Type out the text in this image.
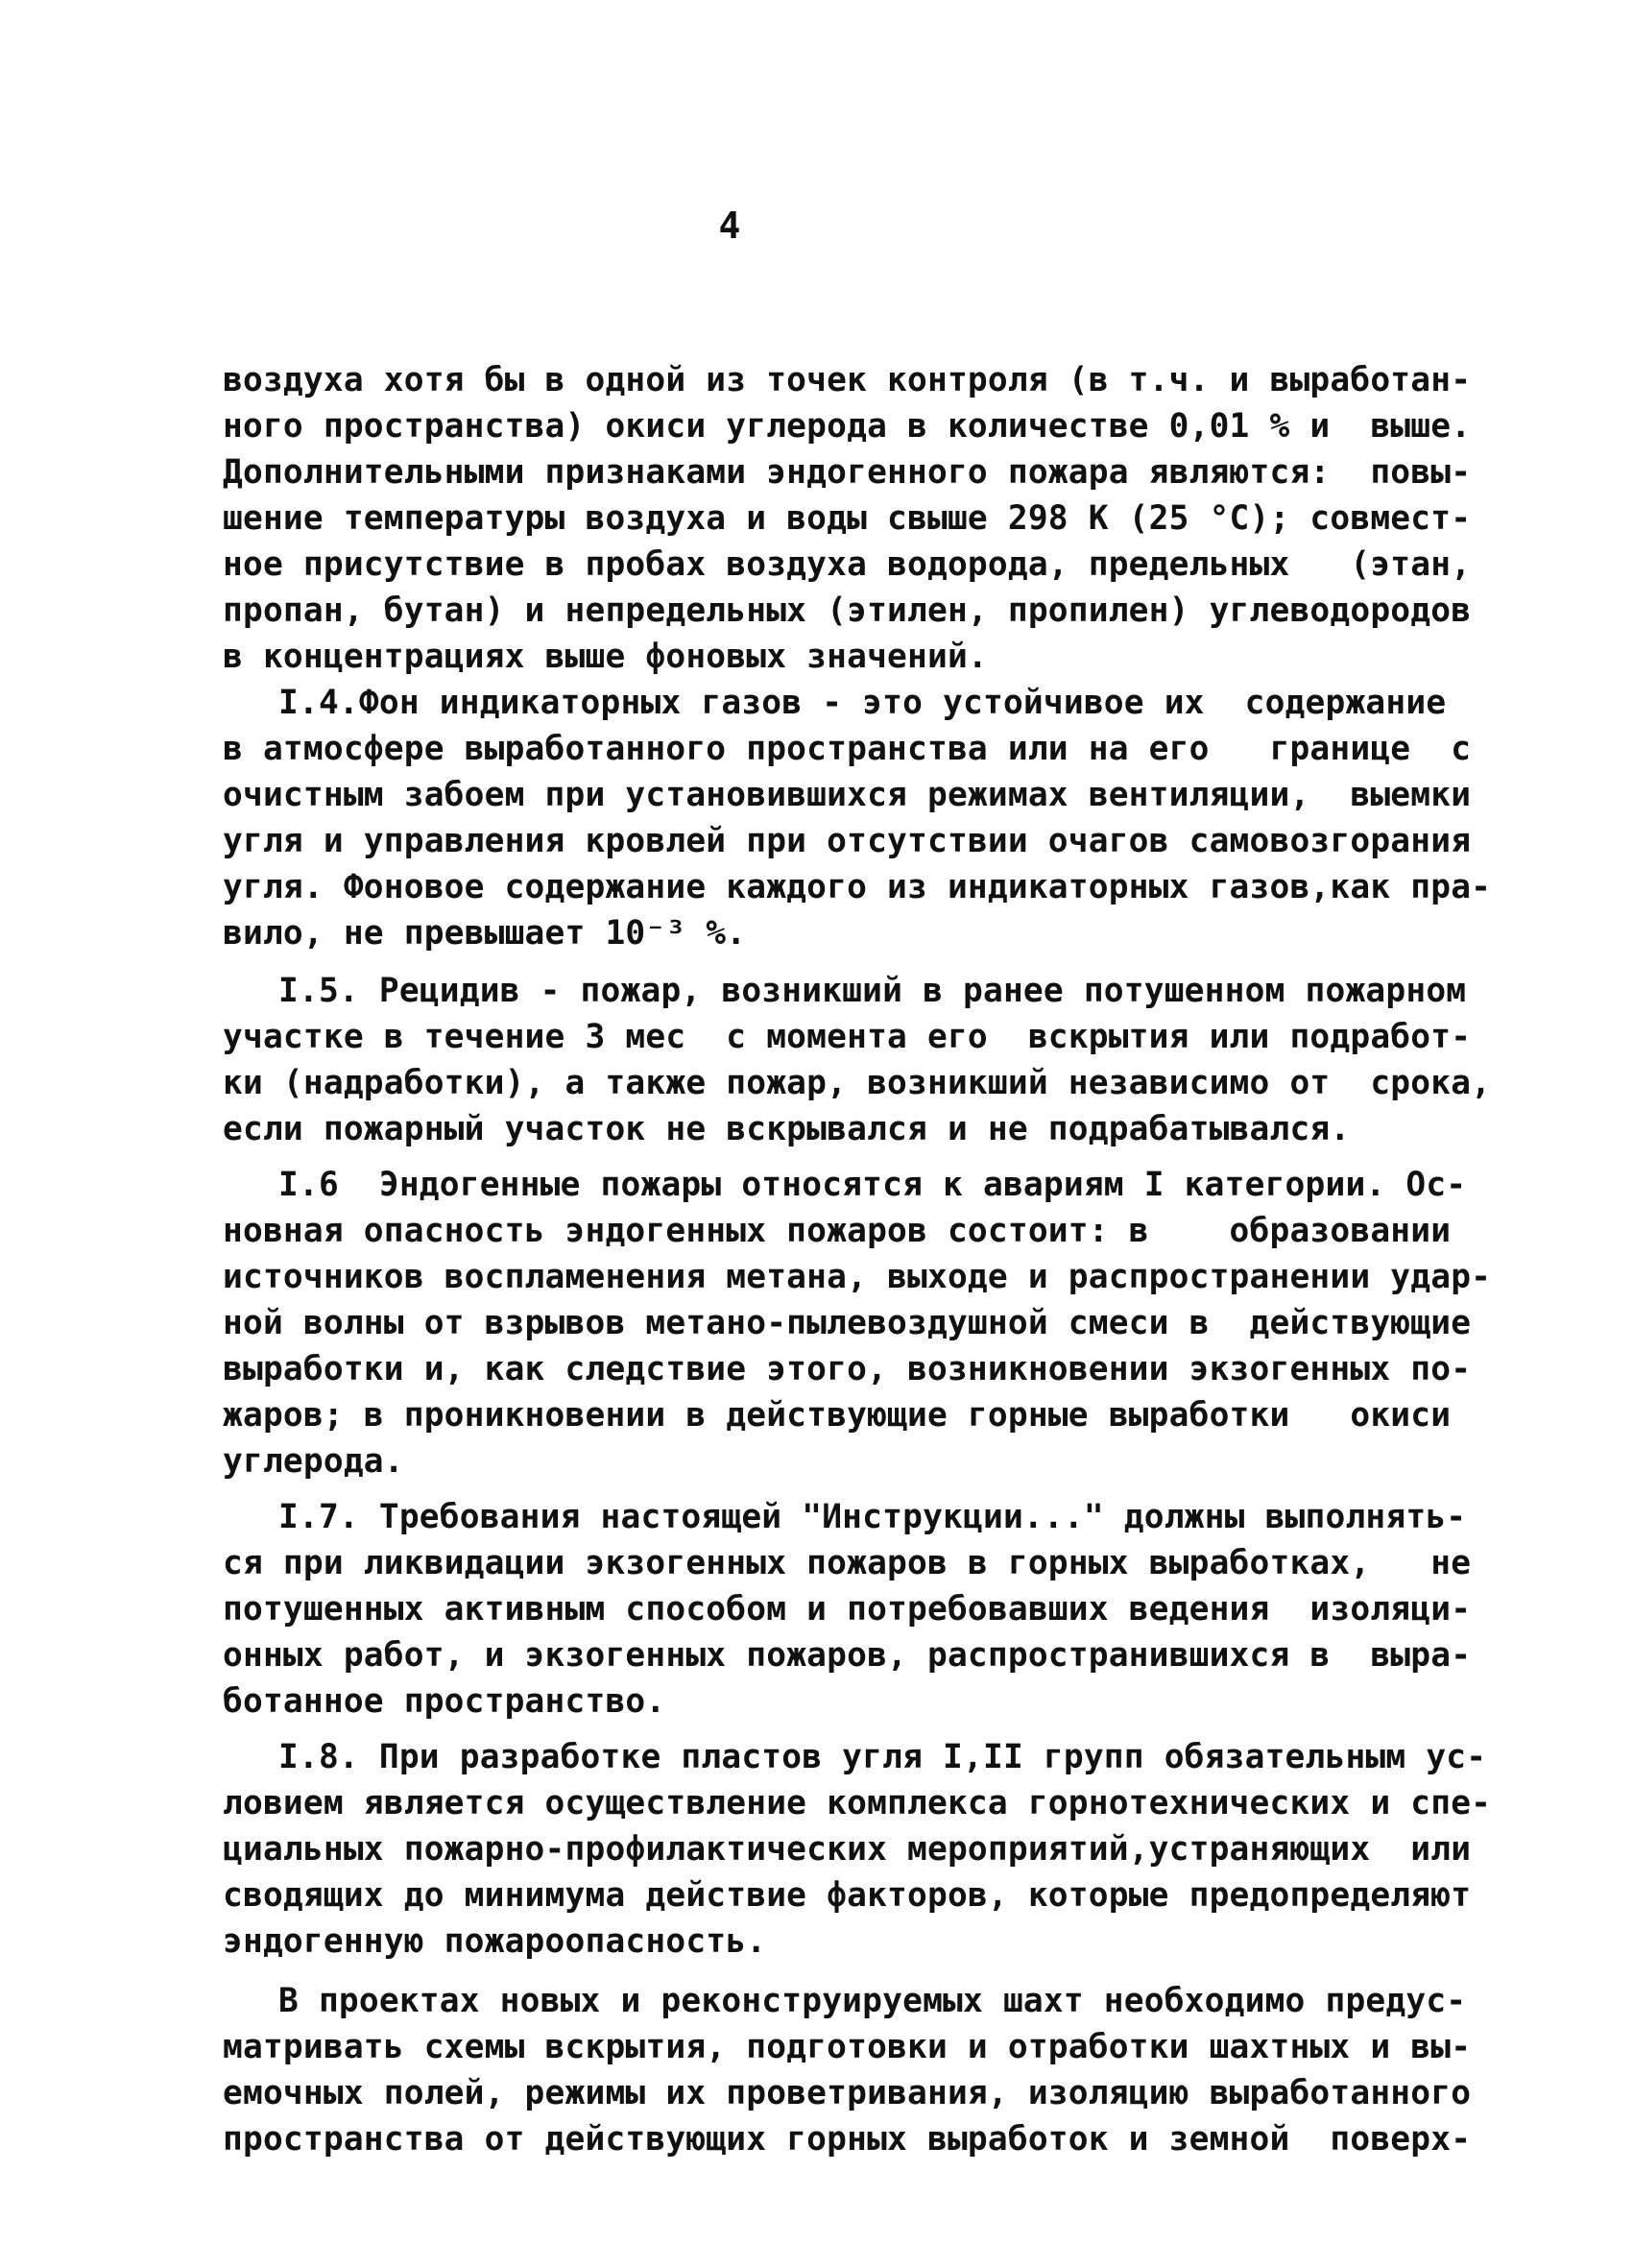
4
воздуха хотя бы в одной из точек контроля (в т.ч. и выработан-
ного пространства) окиси углерода в количестве 0,01 % и  выше.
Дополнительными признаками эндогенного пожара являются:  повы-
шение температуры воздуха и воды свыше 298 К (25 °С); совмест-
ное присутствие в пробах воздуха водорода, предельных   (этан,
пропан, бутан) и непредельных (этилен, пропилен) углеводородов
в концентрациях выше фоновых значений.
I.4.Фон индикаторных газов - это устойчивое их  содержание
в атмосфере выработанного пространства или на его   границе  с
очистным забоем при установившихся режимах вентиляции,  выемки
угля и управления кровлей при отсутствии очагов самовозгорания
угля. Фоновое содержание каждого из индикаторных газов,как пра-
вило, не превышает 10⁻³ %.
I.5. Рецидив - пожар, возникший в ранее потушенном пожарном
участке в течение 3 мес  с момента его  вскрытия или подработ-
ки (надработки), а также пожар, возникший независимо от  срока,
если пожарный участок не вскрывался и не подрабатывался.
I.6  Эндогенные пожары относятся к авариям I категории. Ос-
новная опасность эндогенных пожаров состоит: в    образовании
источников воспламенения метана, выходе и распространении удар-
ной волны от взрывов метано-пылевоздушной смеси в  действующие
выработки и, как следствие этого, возникновении экзогенных по-
жаров; в проникновении в действующие горные выработки   окиси
углерода.
I.7. Требования настоящей "Инструкции..." должны выполнять-
ся при ликвидации экзогенных пожаров в горных выработках,   не
потушенных активным способом и потребовавших ведения  изоляци-
онных работ, и экзогенных пожаров, распространившихся в  выра-
ботанное пространство.
I.8. При разработке пластов угля I,II групп обязательным ус-
ловием является осуществление комплекса горнотехнических и спе-
циальных пожарно-профилактических мероприятий,устраняющих  или
сводящих до минимума действие факторов, которые предопределяют
эндогенную пожароопасность.
В проектах новых и реконструируемых шахт необходимо предус-
матривать схемы вскрытия, подготовки и отработки шахтных и вы-
емочных полей, режимы их проветривания, изоляцию выработанного
пространства от действующих горных выработок и земной  поверх-
